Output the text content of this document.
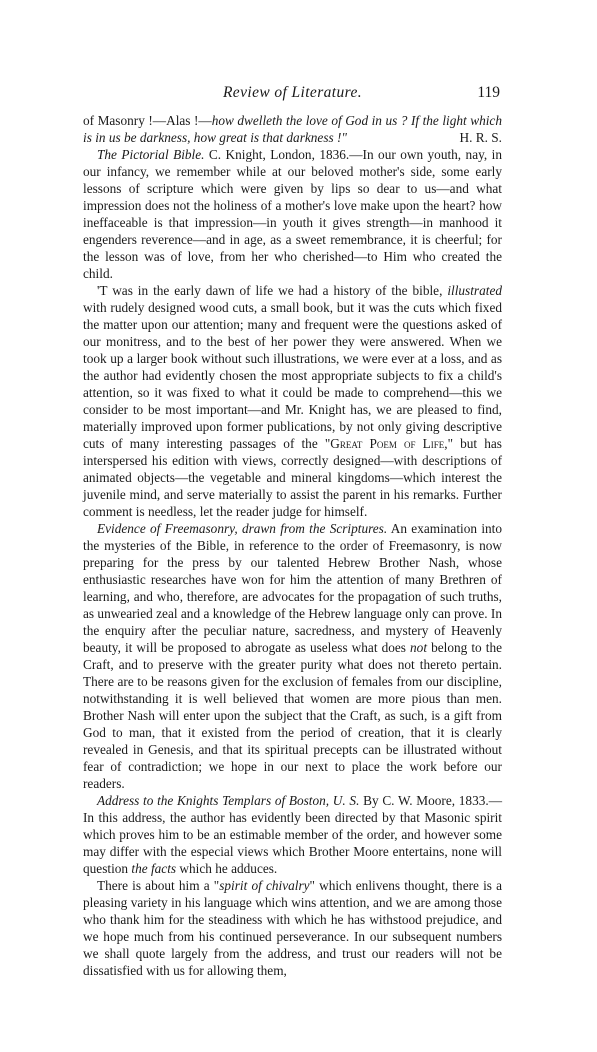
Review of Literature.	119

of Masonry !—Alas !—how dwelleth the love of God in us ? If the light which is in us be darkness, how great is that darkness !"	H. R. S.

The Pictorial Bible. C. Knight, London, 1836.—In our own youth, nay, in our infancy, we remember while at our beloved mother's side, some early lessons of scripture which were given by lips so dear to us—and what impression does not the holiness of a mother's love make upon the heart? how ineffaceable is that impression—in youth it gives strength—in manhood it engenders reverence—and in age, as a sweet remembrance, it is cheerful; for the lesson was of love, from her who cherished—to Him who created the child.

'T was in the early dawn of life we had a history of the bible, illustrated with rudely designed wood cuts, a small book, but it was the cuts which fixed the matter upon our attention; many and frequent were the questions asked of our monitress, and to the best of her power they were answered. When we took up a larger book without such illustrations, we were ever at a loss, and as the author had evidently chosen the most appropriate subjects to fix a child's attention, so it was fixed to what it could be made to comprehend—this we consider to be most important—and Mr. Knight has, we are pleased to find, materially improved upon former publications, by not only giving descriptive cuts of many interesting passages of the "Great Poem of Life," but has interspersed his edition with views, correctly designed—with descriptions of animated objects—the vegetable and mineral kingdoms—which interest the juvenile mind, and serve materially to assist the parent in his remarks. Further comment is needless, let the reader judge for himself.

Evidence of Freemasonry, drawn from the Scriptures. An examination into the mysteries of the Bible, in reference to the order of Freemasonry, is now preparing for the press by our talented Hebrew Brother Nash, whose enthusiastic researches have won for him the attention of many Brethren of learning, and who, therefore, are advocates for the propagation of such truths, as unwearied zeal and a knowledge of the Hebrew language only can prove. In the enquiry after the peculiar nature, sacredness, and mystery of Heavenly beauty, it will be proposed to abrogate as useless what does not belong to the Craft, and to preserve with the greater purity what does not thereto pertain. There are to be reasons given for the exclusion of females from our discipline, notwithstanding it is well believed that women are more pious than men. Brother Nash will enter upon the subject that the Craft, as such, is a gift from God to man, that it existed from the period of creation, that it is clearly revealed in Genesis, and that its spiritual precepts can be illustrated without fear of contradiction; we hope in our next to place the work before our readers.

Address to the Knights Templars of Boston, U. S. By C. W. Moore, 1833.—In this address, the author has evidently been directed by that Masonic spirit which proves him to be an estimable member of the order, and however some may differ with the especial views which Brother Moore entertains, none will question the facts which he adduces.

There is about him a "spirit of chivalry" which enlivens thought, there is a pleasing variety in his language which wins attention, and we are among those who thank him for the steadiness with which he has withstood prejudice, and we hope much from his continued perseverance. In our subsequent numbers we shall quote largely from the address, and trust our readers will not be dissatisfied with us for allowing them,
